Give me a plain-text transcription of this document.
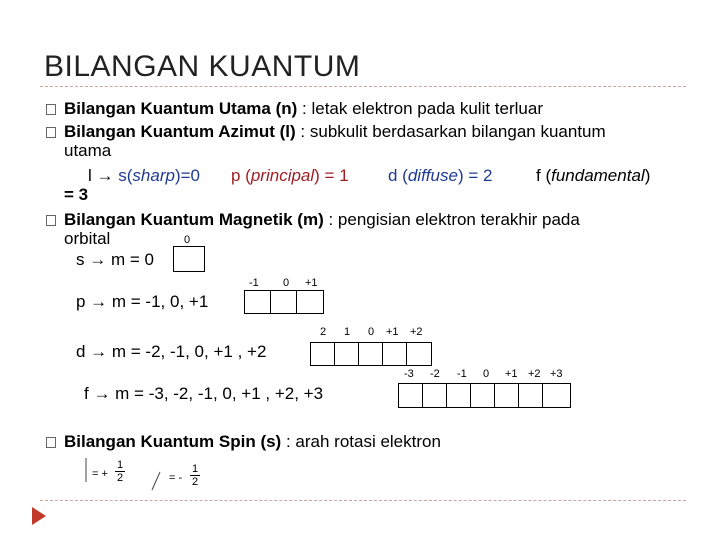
BILANGAN KUANTUM
Bilangan Kuantum Utama (n) : letak elektron pada kulit terluar
Bilangan Kuantum Azimut (l) : subkulit berdasarkan bilangan kuantum
utama
l → s(sharp)=0 p (principal) = 1 d (diffuse) = 2	f (fundamental)
= 3
Bilangan Kuantum Magnetik (m) : pengisian elektron terakhir pada
orbital
s → m = 0
0
p → m = -1, 0, +1
-1 0 +1
d → m = -2, -1, 0, +1 , +2
2 1 0 +1 +2
f → m = -3, -2, -1, 0, +1 , +2, +3
-3 -2 -1 0 +1 +2 +3
Bilangan Kuantum Spin (s) : arah rotasi elektron
= + $\frac{1}{2}$	= - $\frac{1}{2}$
